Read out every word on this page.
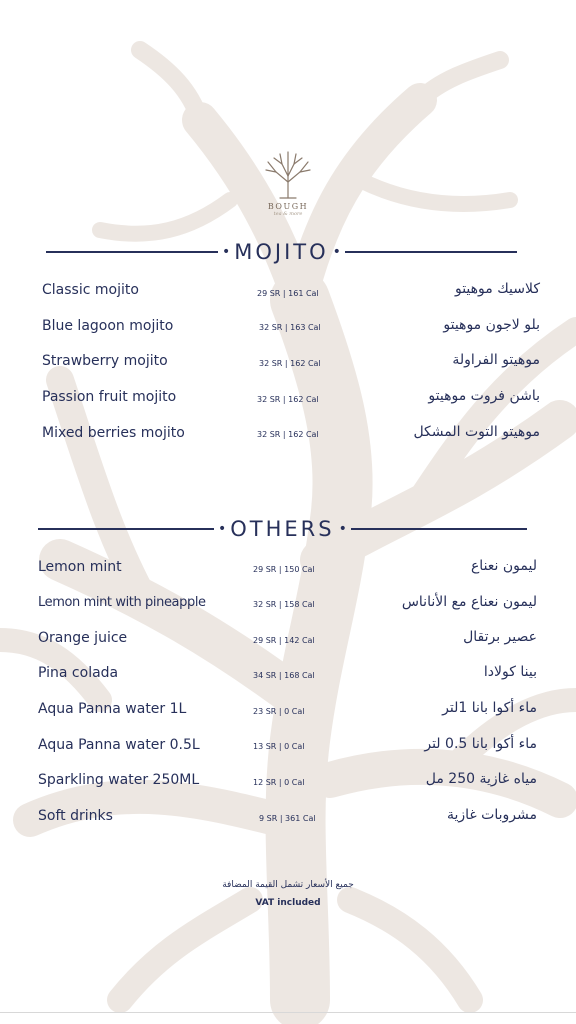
BOUGH
tea & more
• MOJITO •
Classic mojito	29 SR | 161 Cal	كلاسيك موهيتو
Blue lagoon mojito	32 SR | 163 Cal	بلو لاجون موهيتو
Strawberry mojito	32 SR | 162 Cal	موهيتو الفراولة
Passion fruit mojito	32 SR | 162 Cal	باشن فروت موهيتو
Mixed berries mojito	32 SR | 162 Cal	موهيتو التوت المشكل
• OTHERS •
Lemon mint	29 SR | 150 Cal	ليمون نعناع
Lemon mint with pineapple	32 SR | 158 Cal	ليمون نعناع مع الأناناس
Orange juice	29 SR | 142 Cal	عصير برتقال
Pina colada	34 SR | 168 Cal	بينا كولادا
Aqua Panna water 1L	23 SR | 0 Cal	ماء أكوا بانا 1لتر
Aqua Panna water 0.5L	13 SR | 0 Cal	ماء أكوا بانا 0.5 لتر
Sparkling water 250ML	12 SR | 0 Cal	مياه غازية 250 مل
Soft drinks	9 SR | 361 Cal	مشروبات غازية
جميع الأسعار تشمل القيمة المضافة
VAT included
